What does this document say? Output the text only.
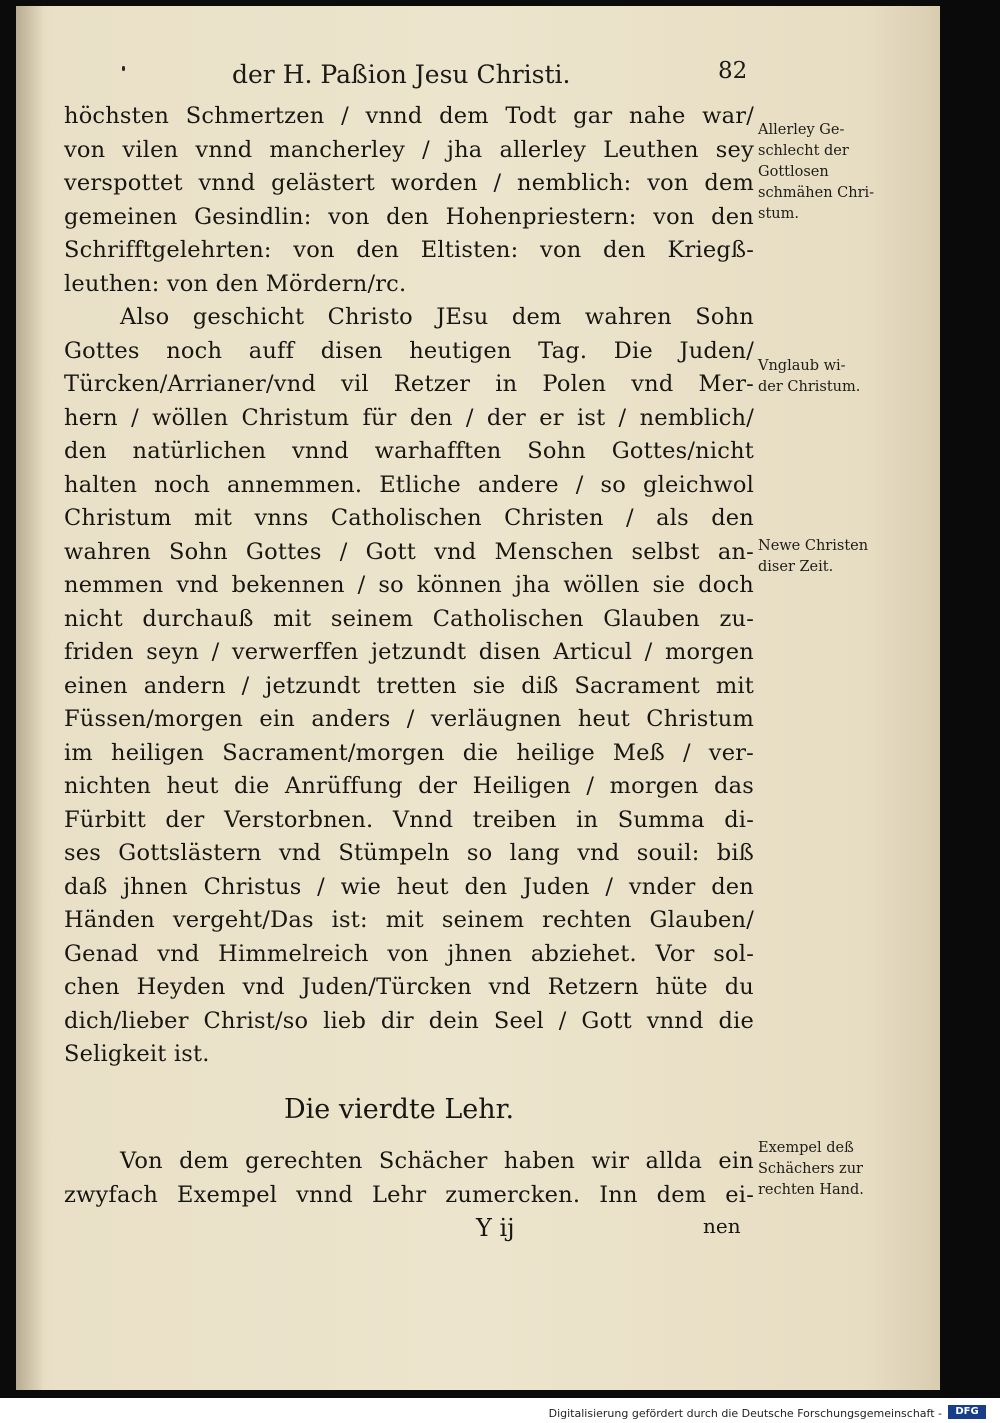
der H. Paßion Jesu Christi.	82
höchsten Schmertzen / vnnd dem Todt gar nahe war/
von vilen vnnd mancherley / jha allerley Leuthen sey
verspottet vnnd gelästert worden / nemblich: von dem
gemeinen Gesindlin: von den Hohenpriestern: von den
Schrifftgelehrten: von den Eltisten: von den Kriegß-
leuthen: von den Mördern/rc.
Also geschicht Christo JEsu dem wahren Sohn
Gottes noch auff disen heutigen Tag. Die Juden/
Türcken/Arrianer/vnd vil Retzer in Polen vnd Mer-
hern / wöllen Christum für den / der er ist / nemblich/
den natürlichen vnnd warhafften Sohn Gottes/nicht
halten noch annemmen. Etliche andere / so gleichwol
Christum mit vnns Catholischen Christen / als den
wahren Sohn Gottes / Gott vnd Menschen selbst an-
nemmen vnd bekennen / so können jha wöllen sie doch
nicht durchauß mit seinem Catholischen Glauben zu-
friden seyn / verwerffen jetzundt disen Articul / morgen
einen andern / jetzundt tretten sie diß Sacrament mit
Füssen/morgen ein anders / verläugnen heut Christum
im heiligen Sacrament/morgen die heilige Meß / ver-
nichten heut die Anrüffung der Heiligen / morgen das
Fürbitt der Verstorbnen. Vnnd treiben in Summa di-
ses Gottslästern vnd Stümpeln so lang vnd souil: biß
daß jhnen Christus / wie heut den Juden / vnder den
Händen vergeht/Das ist: mit seinem rechten Glauben/
Genad vnd Himmelreich von jhnen abziehet. Vor sol-
chen Heyden vnd Juden/Türcken vnd Retzern hüte du
dich/lieber Christ/so lieb dir dein Seel / Gott vnnd die
Seligkeit ist.
Die vierdte Lehr.
Von dem gerechten Schächer haben wir allda ein
zwyfach Exempel vnnd Lehr zumercken. Inn dem ei-
Y ij	nen
Allerley Ge-
schlecht der
Gottlosen
schmähen Chri-
stum.
Vnglaub wi-
der Christum.
Newe Christen
diser Zeit.
Exempel deß
Schächers zur
rechten Hand.
Digitalisierung gefördert durch die Deutsche Forschungsgemeinschaft -	DFG
